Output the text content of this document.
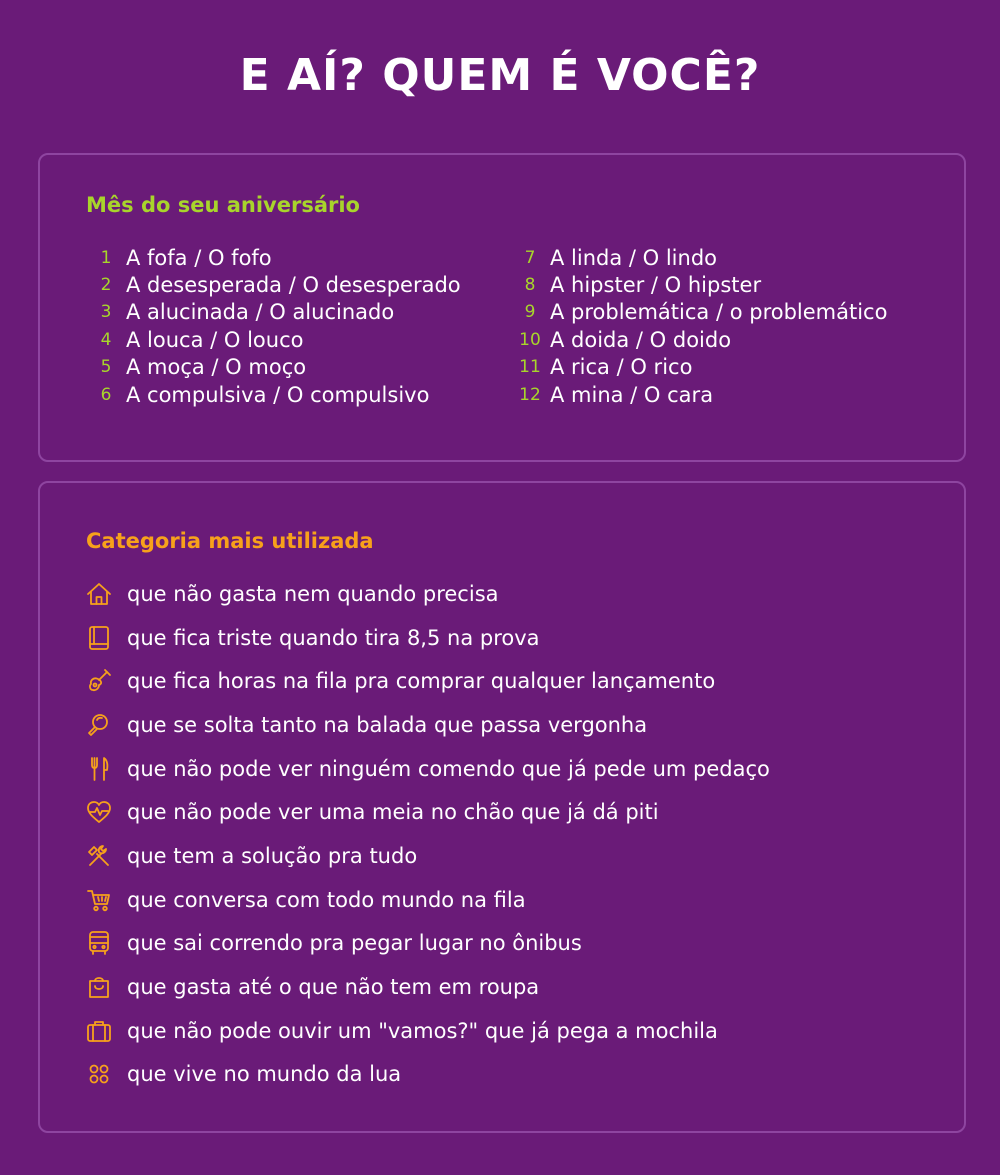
E AÍ? QUEM É VOCÊ?
Mês do seu aniversário
1 A fofa / O fofo
2 A desesperada / O desesperado
3 A alucinada / O alucinado
4 A louca / O louco
5 A moça / O moço
6 A compulsiva / O compulsivo
7 A linda / O lindo
8 A hipster / O hipster
9 A problemática / o problemático
10 A doida / O doido
11 A rica / O rico
12 A mina / O cara
Categoria mais utilizada
que não gasta nem quando precisa
que fica triste quando tira 8,5 na prova
que fica horas na fila pra comprar qualquer lançamento
que se solta tanto na balada que passa vergonha
que não pode ver ninguém comendo que já pede um pedaço
que não pode ver uma meia no chão que já dá piti
que tem a solução pra tudo
que conversa com todo mundo na fila
que sai correndo pra pegar lugar no ônibus
que gasta até o que não tem em roupa
que não pode ouvir um "vamos?" que já pega a mochila
que vive no mundo da lua
